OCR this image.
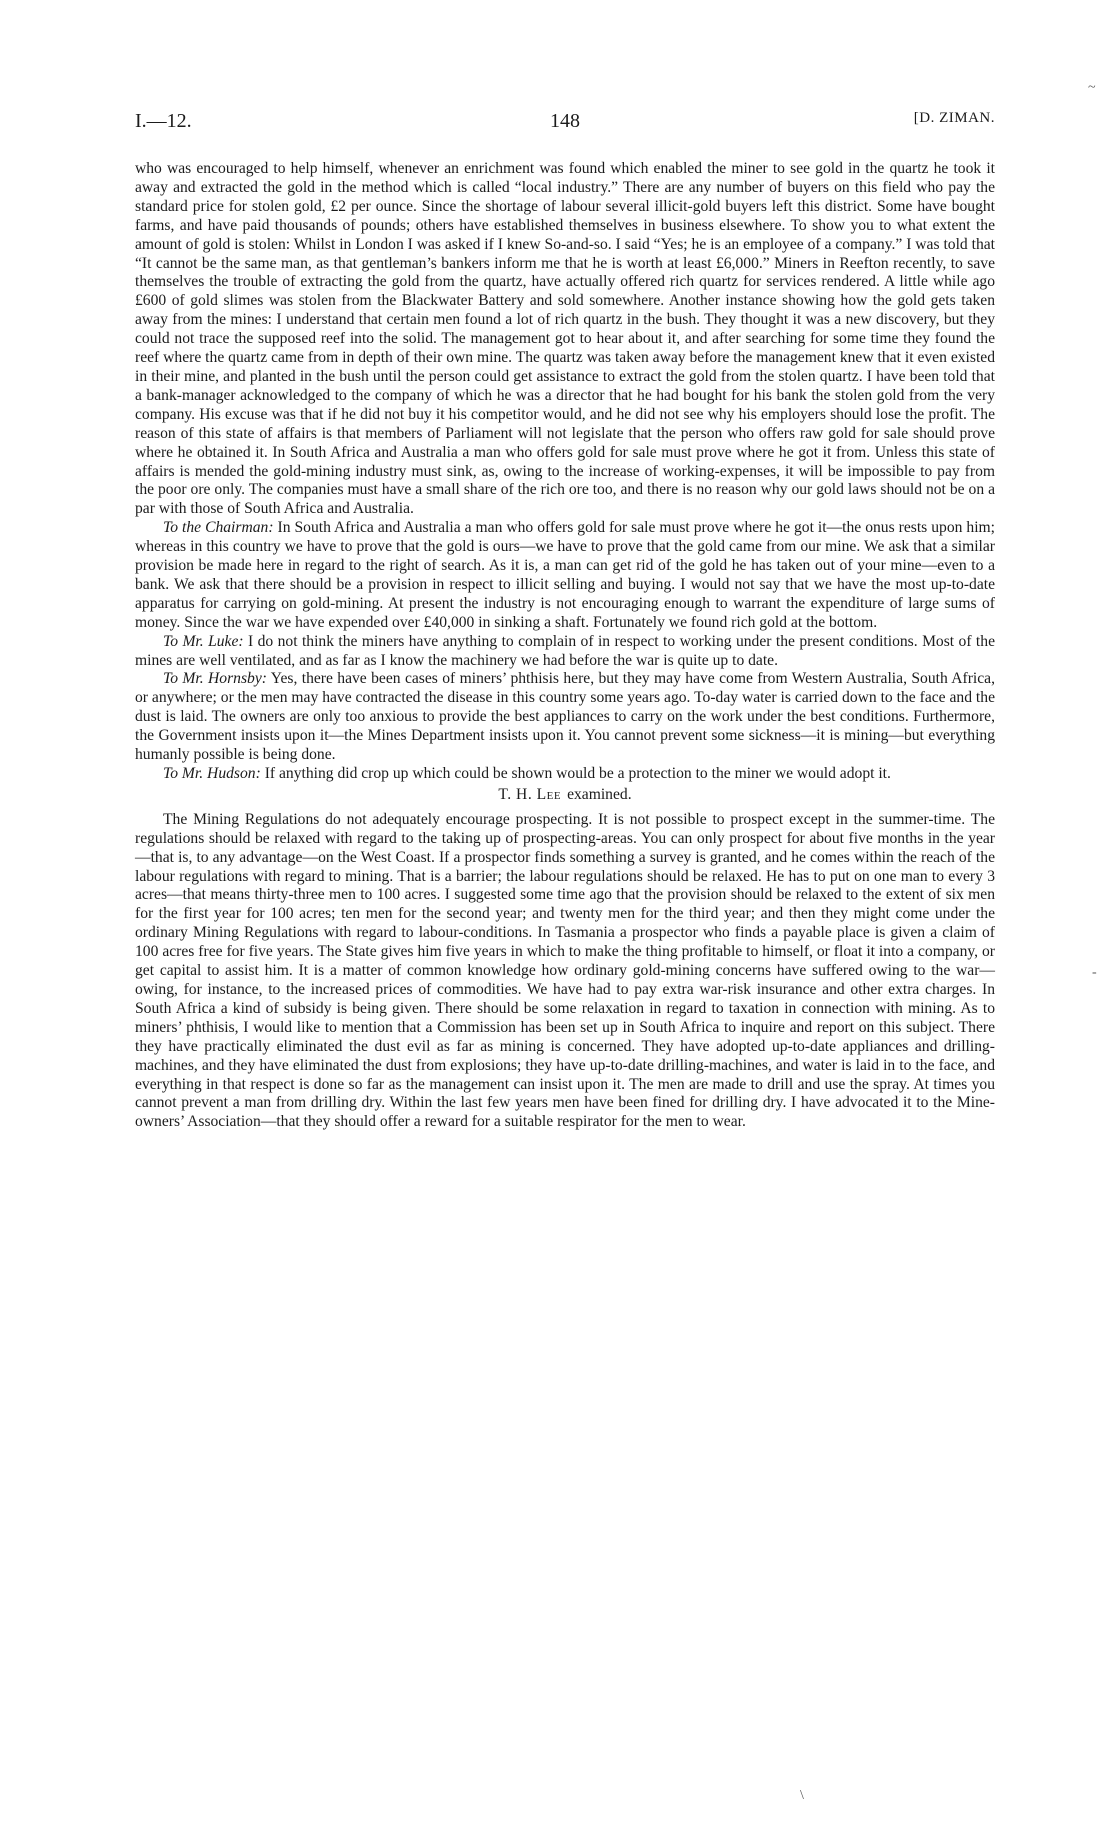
I.—12.	148	[D. ZIMAN.

who was encouraged to help himself, whenever an enrichment was found which enabled the miner to see gold in the quartz he took it away and extracted the gold in the method which is called “local industry.” There are any number of buyers on this field who pay the standard price for stolen gold, £2 per ounce. Since the shortage of labour several illicit-gold buyers left this district. Some have bought farms, and have paid thousands of pounds; others have established themselves in business elsewhere. To show you to what extent the amount of gold is stolen: Whilst in London I was asked if I knew So-and-so. I said “Yes; he is an employee of a company.” I was told that “It cannot be the same man, as that gentleman’s bankers inform me that he is worth at least £6,000.” Miners in Reefton recently, to save themselves the trouble of extracting the gold from the quartz, have actually offered rich quartz for services rendered. A little while ago £600 of gold slimes was stolen from the Blackwater Battery and sold somewhere. Another instance showing how the gold gets taken away from the mines: I understand that certain men found a lot of rich quartz in the bush. They thought it was a new discovery, but they could not trace the supposed reef into the solid. The management got to hear about it, and after searching for some time they found the reef where the quartz came from in depth of their own mine. The quartz was taken away before the management knew that it even existed in their mine, and planted in the bush until the person could get assistance to extract the gold from the stolen quartz. I have been told that a bank-manager acknowledged to the company of which he was a director that he had bought for his bank the stolen gold from the very company. His excuse was that if he did not buy it his competitor would, and he did not see why his employers should lose the profit. The reason of this state of affairs is that members of Parliament will not legislate that the person who offers raw gold for sale should prove where he obtained it. In South Africa and Australia a man who offers gold for sale must prove where he got it from. Unless this state of affairs is mended the gold-mining industry must sink, as, owing to the increase of working-expenses, it will be impossible to pay from the poor ore only. The companies must have a small share of the rich ore too, and there is no reason why our gold laws should not be on a par with those of South Africa and Australia.

To the Chairman: In South Africa and Australia a man who offers gold for sale must prove where he got it—the onus rests upon him; whereas in this country we have to prove that the gold is ours—we have to prove that the gold came from our mine. We ask that a similar provision be made here in regard to the right of search. As it is, a man can get rid of the gold he has taken out of your mine—even to a bank. We ask that there should be a provision in respect to illicit selling and buying. I would not say that we have the most up-to-date apparatus for carrying on gold-mining. At present the industry is not encouraging enough to warrant the expenditure of large sums of money. Since the war we have expended over £40,000 in sinking a shaft. Fortunately we found rich gold at the bottom.

To Mr. Luke: I do not think the miners have anything to complain of in respect to working under the present conditions. Most of the mines are well ventilated, and as far as I know the machinery we had before the war is quite up to date.

To Mr. Hornsby: Yes, there have been cases of miners’ phthisis here, but they may have come from Western Australia, South Africa, or anywhere; or the men may have contracted the disease in this country some years ago. To-day water is carried down to the face and the dust is laid. The owners are only too anxious to provide the best appliances to carry on the work under the best conditions. Furthermore, the Government insists upon it—the Mines Department insists upon it. You cannot prevent some sickness—it is mining—but everything humanly possible is being done.

To Mr. Hudson: If anything did crop up which could be shown would be a protection to the miner we would adopt it.

T. H. Lee examined.

The Mining Regulations do not adequately encourage prospecting. It is not possible to prospect except in the summer-time. The regulations should be relaxed with regard to the taking up of prospecting-areas. You can only prospect for about five months in the year—that is, to any advantage—on the West Coast. If a prospector finds something a survey is granted, and he comes within the reach of the labour regulations with regard to mining. That is a barrier; the labour regulations should be relaxed. He has to put on one man to every 3 acres—that means thirty-three men to 100 acres. I suggested some time ago that the provision should be relaxed to the extent of six men for the first year for 100 acres; ten men for the second year; and twenty men for the third year; and then they might come under the ordinary Mining Regulations with regard to labour-conditions. In Tasmania a prospector who finds a payable place is given a claim of 100 acres free for five years. The State gives him five years in which to make the thing profitable to himself, or float it into a company, or get capital to assist him. It is a matter of common knowledge how ordinary gold-mining concerns have suffered owing to the war—owing, for instance, to the increased prices of commodities. We have had to pay extra war-risk insurance and other extra charges. In South Africa a kind of subsidy is being given. There should be some relaxation in regard to taxation in connection with mining. As to miners’ phthisis, I would like to mention that a Commission has been set up in South Africa to inquire and report on this subject. There they have practically eliminated the dust evil as far as mining is concerned. They have adopted up-to-date appliances and drilling-machines, and they have eliminated the dust from explosions; they have up-to-date drilling-machines, and water is laid in to the face, and everything in that respect is done so far as the management can insist upon it. The men are made to drill and use the spray. At times you cannot prevent a man from drilling dry. Within the last few years men have been fined for drilling dry. I have advocated it to the Mine-owners’ Association—that they should offer a reward for a suitable respirator for the men to wear.

~
-
\
